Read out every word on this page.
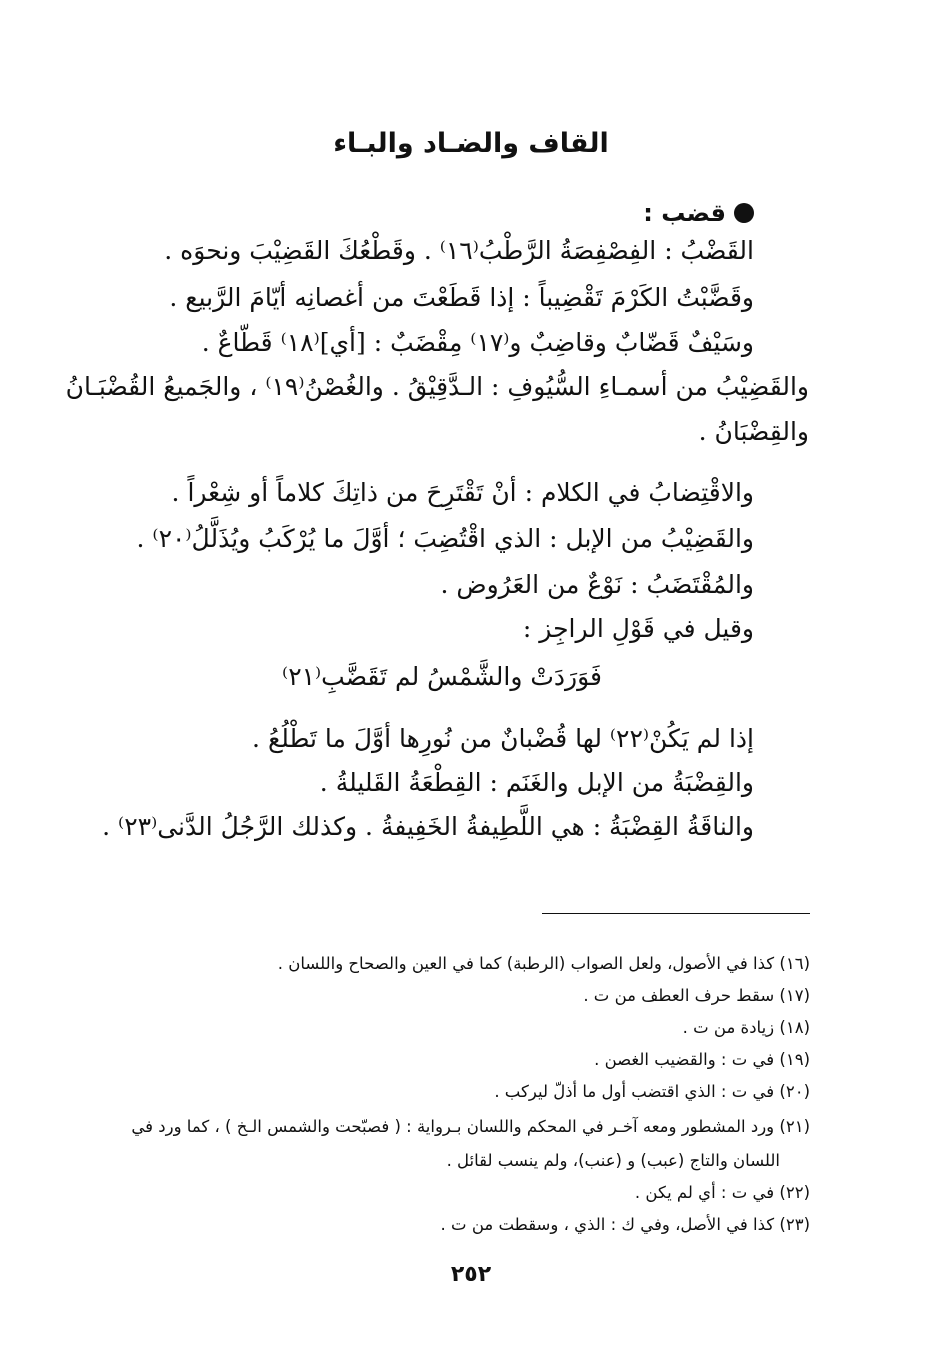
القاف والضـاد والبـاء
قضب :
القَضْبُ : الفِصْفِصَةُ الرَّطْبُ⁽١٦⁾ . وقَطْعُكَ القَضِيْبَ ونحوَه .
وقَضَّبْتُ الكَرْمَ تَقْضِيباً : إذا قَطَعْتَ من أغصانِه أيّامَ الرَّبيع .
وسَيْفٌ قَضّابٌ وقاضِبٌ و⁽١٧⁾ مِقْضَبٌ : [أي]⁽١٨⁾ قَطّاعٌ .
والقَضِيْبُ من أسمـاءِ السُّيُوفِ : الـدَّقِيْقُ . والغُصْنُ⁽١٩⁾ ، والجَميعُ القُضْبَـانُ
والقِضْبَانُ .
والاقْتِضابُ في الكلام : أنْ تَقْتَرِحَ من ذاتِكَ كلاماً أو شِعْراً .
والقَضِيْبُ من الإبل : الذي اقْتُضِبَ ؛ أوَّلَ ما يُرْكَبُ ويُذَلَّلُ⁽٢٠⁾ .
والمُقْتَضَبُ : نَوْعٌ من العَرُوض .
وقيل في قَوْلِ الراجِز :
إذا لم يَكُنْ⁽٢٢⁾ لها قُضْبانٌ من نُورِها أوَّلَ ما تَطْلُعُ .
والقِضْبَةُ من الإبل والغَنَم : القِطْعَةُ القَليلةُ .
والناقَةُ القِضْبَةُ : هي اللَّطِيفةُ الخَفِيفةُ . وكذلك الرَّجُلُ الدَّنى⁽٢٣⁾ .
فَوَرَدَتْ والشَّمْسُ لم تَقَضَّبِ⁽٢١⁾
(١٦) كذا في الأصول، ولعل الصواب (الرطبة) كما في العين والصحاح واللسان .
(١٧) سقط حرف العطف من ت .
(١٨) زيادة من ت .
(١٩) في ت : والقضيب الغصن .
(٢٠) في ت : الذي اقتضب أول ما أذلّ ليركب .
(٢١) ورد المشطور ومعه آخـر في المحكم واللسان بـرواية : ( فصبّحت والشمس الـخ ) ، كما ورد في
اللسان والتاج (عبب) و (عنب)، ولم ينسب لقائل .
(٢٢) في ت : أي لم يكن .
(٢٣) كذا في الأصل، وفي ك : الذي ، وسقطت من ت .
٢٥٢
